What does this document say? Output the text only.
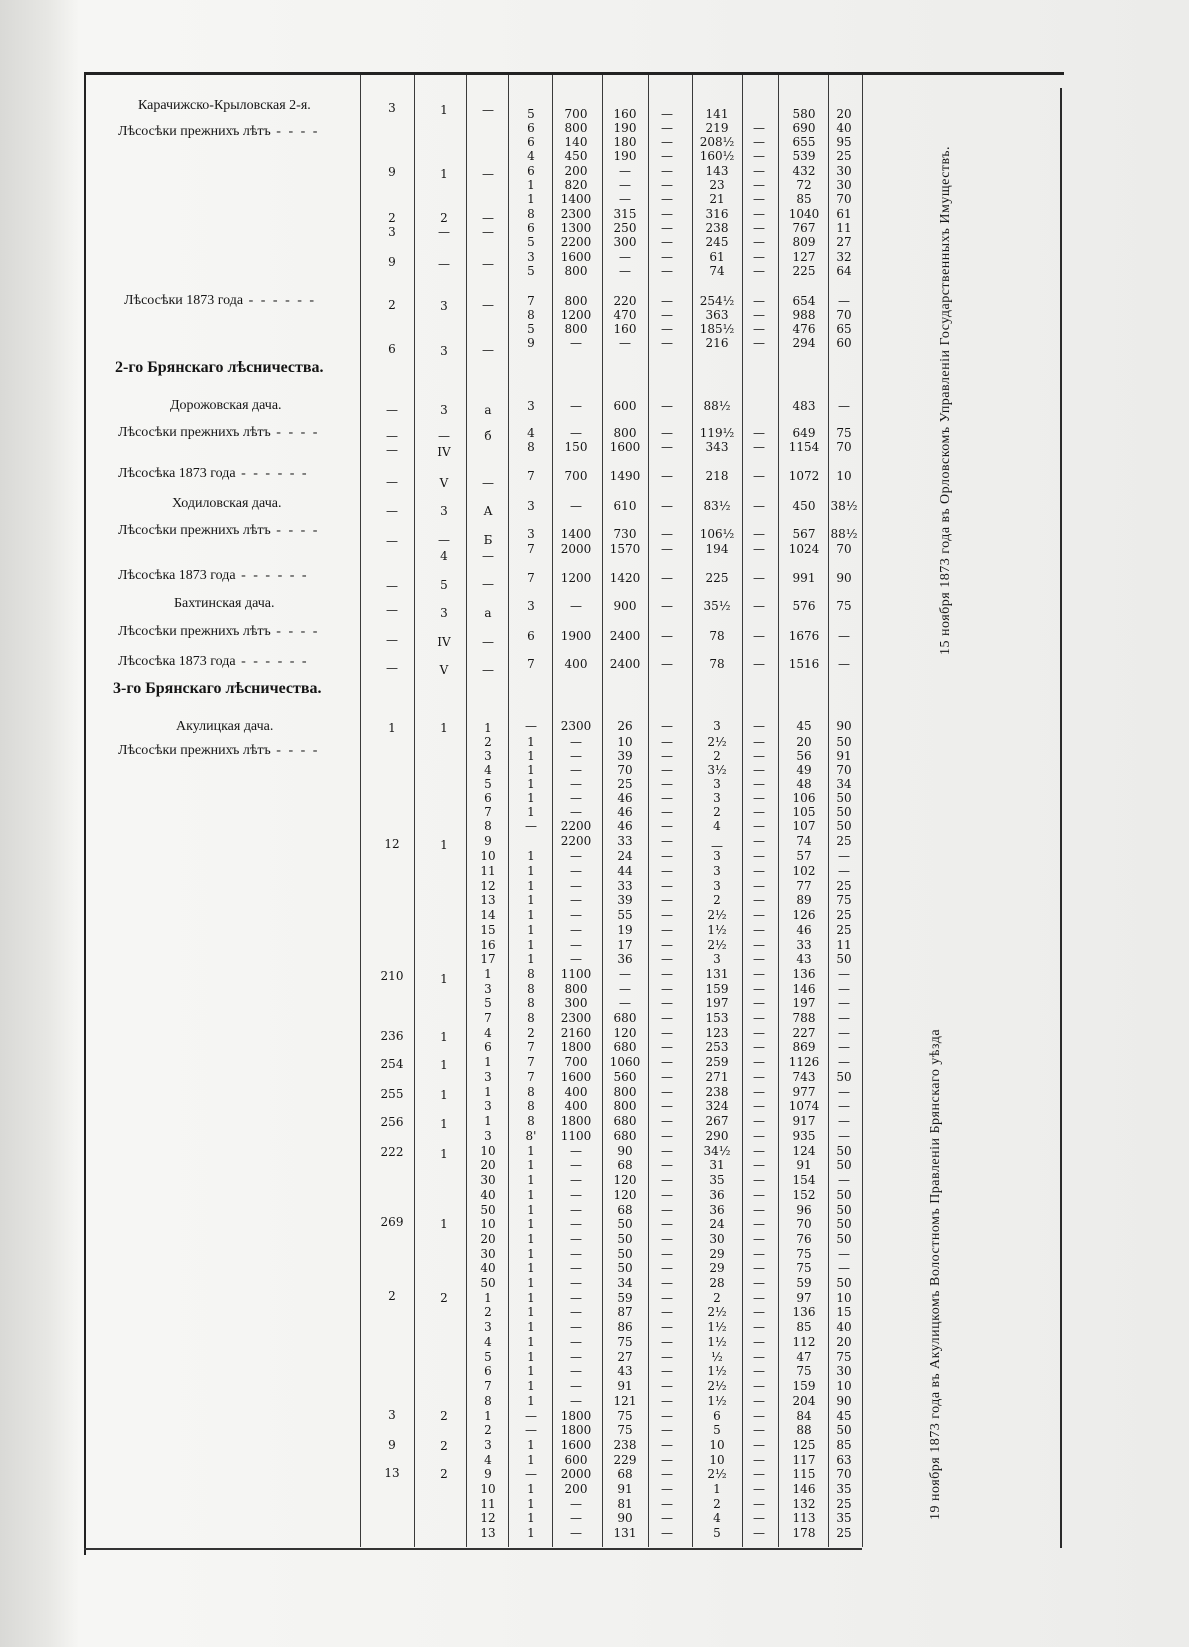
Карачижско-Крыловская 2-я.
Лѣсосѣки прежнихъ лѣтъ - - - -
Лѣсосѣки 1873 года - - - - - -
Дорожовская дача.
Лѣсосѣки прежнихъ лѣтъ - - - -
Лѣсосѣка 1873 года - - - - - -
Ходиловская дача.
Лѣсосѣки прежнихъ лѣтъ - - - -
Лѣсосѣка 1873 года - - - - - -
Бахтинская дача.
Лѣсосѣки прежнихъ лѣтъ - - - -
Лѣсосѣка 1873 года - - - - - -
Акулицкая дача.
Лѣсосѣки прежнихъ лѣтъ - - - -
2-го Брянскаго лѣсничества.
3-го Брянскаго лѣсничества.
3
9
2
3
9
2
6
—
—
—
—
—
—
—
—
—
—
1
12
210
236
254
255
256
222
269
2
3
9
13
1
1
2
—
—
3
3
3
—
IV
V
3
—
4
5
3
IV
V
1
1
1
1
1
1
1
1
1
2
2
2
2
—
—
—
—
—
—
—
а
б
—
А
Б
—
—
а
—
—
1
2
3
4
5
6
7
8
9
10
11
12
13
14
15
16
17
1
3
5
7
4
6
1
3
1
3
1
3
10
20
30
40
50
10
20
30
40
50
1
2
3
4
5
6
7
8
1
2
3
4
9
10
11
12
13
5
6
6
4
6
1
1
8
6
5
3
5
7
8
5
9
3
4
8
7
3
3
7
7
3
6
7
—
1
1
1
1
1
1
—
1
1
1
1
1
1
1
1
8
8
8
8
2
7
7
7
8
8
8
8'
1
1
1
1
1
1
1
1
1
1
1
1
1
1
1
1
1
1
—
—
1
1
—
1
1
1
1
700
800
140
450
200
820
1400
2300
1300
2200
1600
800
800
1200
800
—
—
—
150
700
—
1400
2000
1200
—
1900
400
2300
—
—
—
—
—
—
2200
2200
—
—
—
—
—
—
—
—
1100
800
300
2300
2160
1800
700
1600
400
400
1800
1100
—
—
—
—
—
—
—
—
—
—
—
—
—
—
—
—
—
—
1800
1800
1600
600
2000
200
—
—
—
160
190
180
190
—
—
—
315
250
300
—
—
220
470
160
—
600
800
1600
1490
610
730
1570
1420
900
2400
2400
26
10
39
70
25
46
46
46
33
24
44
33
39
55
19
17
36
—
—
—
680
120
680
1060
560
800
800
680
680
90
68
120
120
68
50
50
50
50
34
59
87
86
75
27
43
91
121
75
75
238
229
68
91
81
90
131
—
—
—
—
—
—
—
—
—
—
—
—
—
—
—
—
—
—
—
—
—
—
—
—
—
—
—
—
—
—
—
—
—
—
—
—
—
—
—
—
—
—
—
—
—
—
—
—
—
—
—
—
—
—
—
—
—
—
—
—
—
—
—
—
—
—
—
—
—
—
—
—
—
—
—
—
—
—
—
—
—
—
—
141
219
208½
160½
143
23
21
316
238
245
61
74
254½
363
185½
216
88½
119½
343
218
83½
106½
194
225
35½
78
78
3
2½
2
3½
3
3
2
4
—
3
3
3
2
2½
1½
2½
3
131
159
197
153
123
253
259
271
238
324
267
290
34½
31
35
36
36
24
30
29
29
28
2
2½
1½
1½
½
1½
2½
1½
6
5
10
10
2½
1
2
4
5
—
—
—
—
—
—
—
—
—
—
—
—
—
—
—
—
—
—
—
—
—
—
—
—
—
—
—
—
—
—
—
—
—
—
—
—
—
—
—
—
—
—
—
—
—
—
—
—
—
—
—
—
—
—
—
—
—
—
—
—
—
—
—
—
—
—
—
—
—
—
—
—
—
—
—
—
—
—
—
—
—
580
690
655
539
432
72
85
1040
767
809
127
225
654
988
476
294
483
649
1154
1072
450
567
1024
991
576
1676
1516
45
20
56
49
48
106
105
107
74
57
102
77
89
126
46
33
43
136
146
197
788
227
869
1126
743
977
1074
917
935
124
91
154
152
96
70
76
75
75
59
97
136
85
112
47
75
159
204
84
88
125
117
115
146
132
113
178
20
40
95
25
30
30
70
61
11
27
32
64
—
70
65
60
—
75
70
10
38½
88½
70
90
75
—
—
90
50
91
70
34
50
50
50
25
—
—
25
75
25
25
11
50
—
—
—
—
—
—
—
50
—
—
—
—
50
50
—
50
50
50
50
—
—
50
10
15
40
20
75
30
10
90
45
50
85
63
70
35
25
35
25
15 ноября 1873 года въ Орловскомъ Управленіи Государственныхъ Имуществъ.
19 ноября 1873 года въ Акулицкомъ Волостномъ Правленіи Брянскаго уѣзда
